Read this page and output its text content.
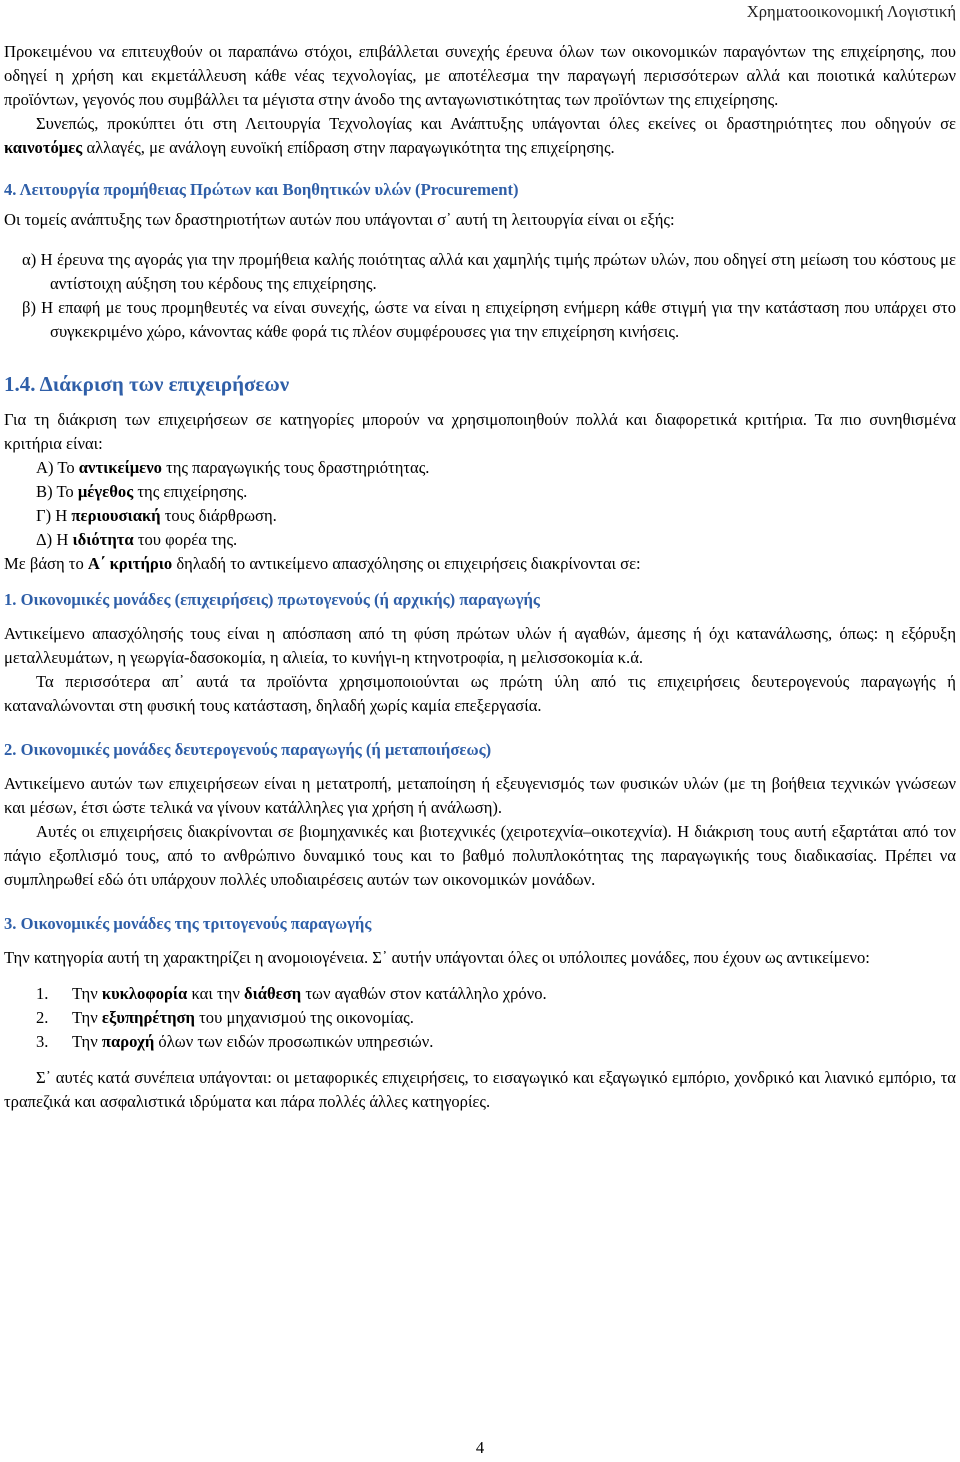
Χρηματοοικονομική Λογιστική

Προκειμένου να επιτευχθούν οι παραπάνω στόχοι, επιβάλλεται συνεχής έρευνα όλων των οικονομικών παραγόντων της επιχείρησης, που οδηγεί η χρήση και εκμετάλλευση κάθε νέας τεχνολογίας, με αποτέλεσμα την παραγωγή περισσότερων αλλά και ποιοτικά καλύτερων προϊόντων, γεγονός που συμβάλλει τα μέγιστα στην άνοδο της ανταγωνιστικότητας των προϊόντων της επιχείρησης.

Συνεπώς, προκύπτει ότι στη Λειτουργία Τεχνολογίας και Ανάπτυξης υπάγονται όλες εκείνες οι δραστηριότητες που οδηγούν σε καινοτόμες αλλαγές, με ανάλογη ευνοϊκή επίδραση στην παραγωγικότητα της επιχείρησης.

4. Λειτουργία προμήθειας Πρώτων και Βοηθητικών υλών (Procurement)

Οι τομείς ανάπτυξης των δραστηριοτήτων αυτών που υπάγονται σ᾽ αυτή τη λειτουργία είναι οι εξής:

α) Η έρευνα της αγοράς για την προμήθεια καλής ποιότητας αλλά και χαμηλής τιμής πρώτων υλών, που οδηγεί στη μείωση του κόστους με αντίστοιχη αύξηση του κέρδους της επιχείρησης.

β) Η επαφή με τους προμηθευτές να είναι συνεχής, ώστε να είναι η επιχείρηση ενήμερη κάθε στιγμή για την κατάσταση που υπάρχει στο συγκεκριμένο χώρο, κάνοντας κάθε φορά τις πλέον συμφέρουσες για την επιχείρηση κινήσεις.

1.4. Διάκριση των επιχειρήσεων

Για τη διάκριση των επιχειρήσεων σε κατηγορίες μπορούν να χρησιμοποιηθούν πολλά και διαφορετικά κριτήρια. Τα πιο συνηθισμένα κριτήρια είναι:

Α) Το αντικείμενο της παραγωγικής τους δραστηριότητας.

Β) Το μέγεθος της επιχείρησης.

Γ) Η περιουσιακή τους διάρθρωση.

Δ) Η ιδιότητα του φορέα της.

Με βάση το Α΄ κριτήριο δηλαδή το αντικείμενο απασχόλησης οι επιχειρήσεις διακρίνονται σε:

1. Οικονομικές μονάδες (επιχειρήσεις) πρωτογενούς (ή αρχικής) παραγωγής

Αντικείμενο απασχόλησής τους είναι η απόσπαση από τη φύση πρώτων υλών ή αγαθών, άμεσης ή όχι κατανάλωσης, όπως: η εξόρυξη μεταλλευμάτων, η γεωργία-δασοκομία, η αλιεία, το κυνήγι-η κτηνοτροφία, η μελισσοκομία κ.ά.

Τα περισσότερα απ᾽ αυτά τα προϊόντα χρησιμοποιούνται ως πρώτη ύλη από τις επιχειρήσεις δευτερογενούς παραγωγής ή καταναλώνονται στη φυσική τους κατάσταση, δηλαδή χωρίς καμία επεξεργασία.

2. Οικονομικές μονάδες δευτερογενούς παραγωγής (ή μεταποιήσεως)

Αντικείμενο αυτών των επιχειρήσεων είναι η μετατροπή, μεταποίηση ή εξευγενισμός των φυσικών υλών (με τη βοήθεια τεχνικών γνώσεων και μέσων, έτσι ώστε τελικά να γίνουν κατάλληλες για χρήση ή ανάλωση).

Αυτές οι επιχειρήσεις διακρίνονται σε βιομηχανικές και βιοτεχνικές (χειροτεχνία–οικοτεχνία). Η διάκριση τους αυτή εξαρτάται από τον πάγιο εξοπλισμό τους, από το ανθρώπινο δυναμικό τους και το βαθμό πολυπλοκότητας της παραγωγικής τους διαδικασίας. Πρέπει να συμπληρωθεί εδώ ότι υπάρχουν πολλές υποδιαιρέσεις αυτών των οικονομικών μονάδων.

3. Οικονομικές μονάδες της τριτογενούς παραγωγής

Την κατηγορία αυτή τη χαρακτηρίζει η ανομοιογένεια. Σ᾽ αυτήν υπάγονται όλες οι υπόλοιπες μονάδες, που έχουν ως αντικείμενο:

1.	Την κυκλοφορία και την διάθεση των αγαθών στον κατάλληλο χρόνο.
2.	Την εξυπηρέτηση του μηχανισμού της οικονομίας.
3.	Την παροχή όλων των ειδών προσωπικών υπηρεσιών.

Σ᾽ αυτές κατά συνέπεια υπάγονται: οι μεταφορικές επιχειρήσεις, το εισαγωγικό και εξαγωγικό εμπόριο, χονδρικό και λιανικό εμπόριο, τα τραπεζικά και ασφαλιστικά ιδρύματα και πάρα πολλές άλλες κατηγορίες.

4
